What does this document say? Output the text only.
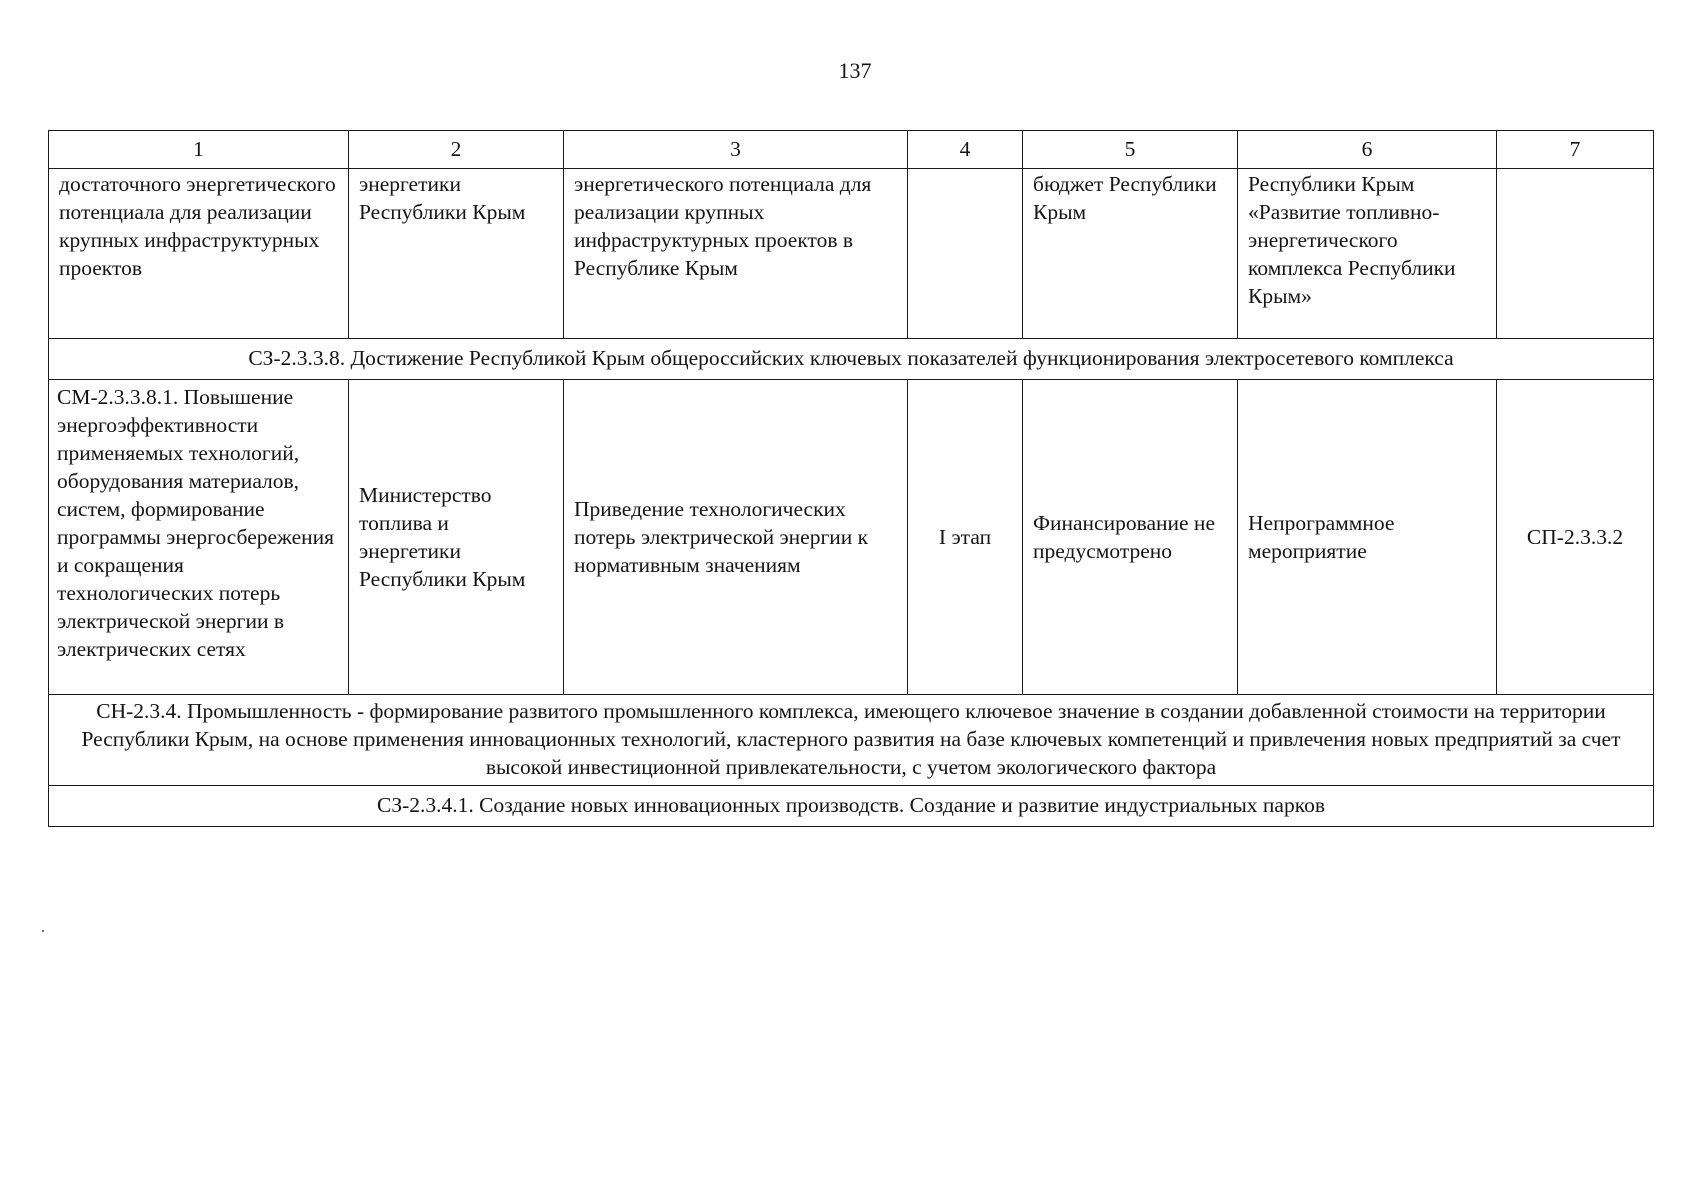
137
1	2	3	4	5	6	7
достаточного энергетического потенциала для реализации крупных инфраструктурных проектов	энергетики Республики Крым	энергетического потенциала для реализации крупных инфраструктурных проектов в Республике Крым		бюджет Республики Крым	Республики Крым «Развитие топливно-энергетического комплекса Республики Крым»	
СЗ-2.3.3.8. Достижение Республикой Крым общероссийских ключевых показателей функционирования электросетевого комплекса						
СМ-2.3.3.8.1. Повышение энергоэффективности применяемых технологий, оборудования материалов, систем, формирование программы энергосбережения и сокращения технологических потерь электрической энергии в электрических сетях	Министерство топлива и энергетики Республики Крым	Приведение технологических потерь электрической энергии к нормативным значениям	I этап	Финансирование не предусмотрено	Непрограммное мероприятие	СП-2.3.3.2
СН-2.3.4. Промышленность - формирование развитого промышленного комплекса, имеющего ключевое значение в создании добавленной стоимости на территории Республики Крым, на основе применения инновационных технологий, кластерного развития на базе ключевых компетенций и привлечения новых предприятий за счет высокой инвестиционной привлекательности, с учетом экологического фактора						
СЗ-2.3.4.1. Создание новых инновационных производств. Создание и развитие индустриальных парков						
